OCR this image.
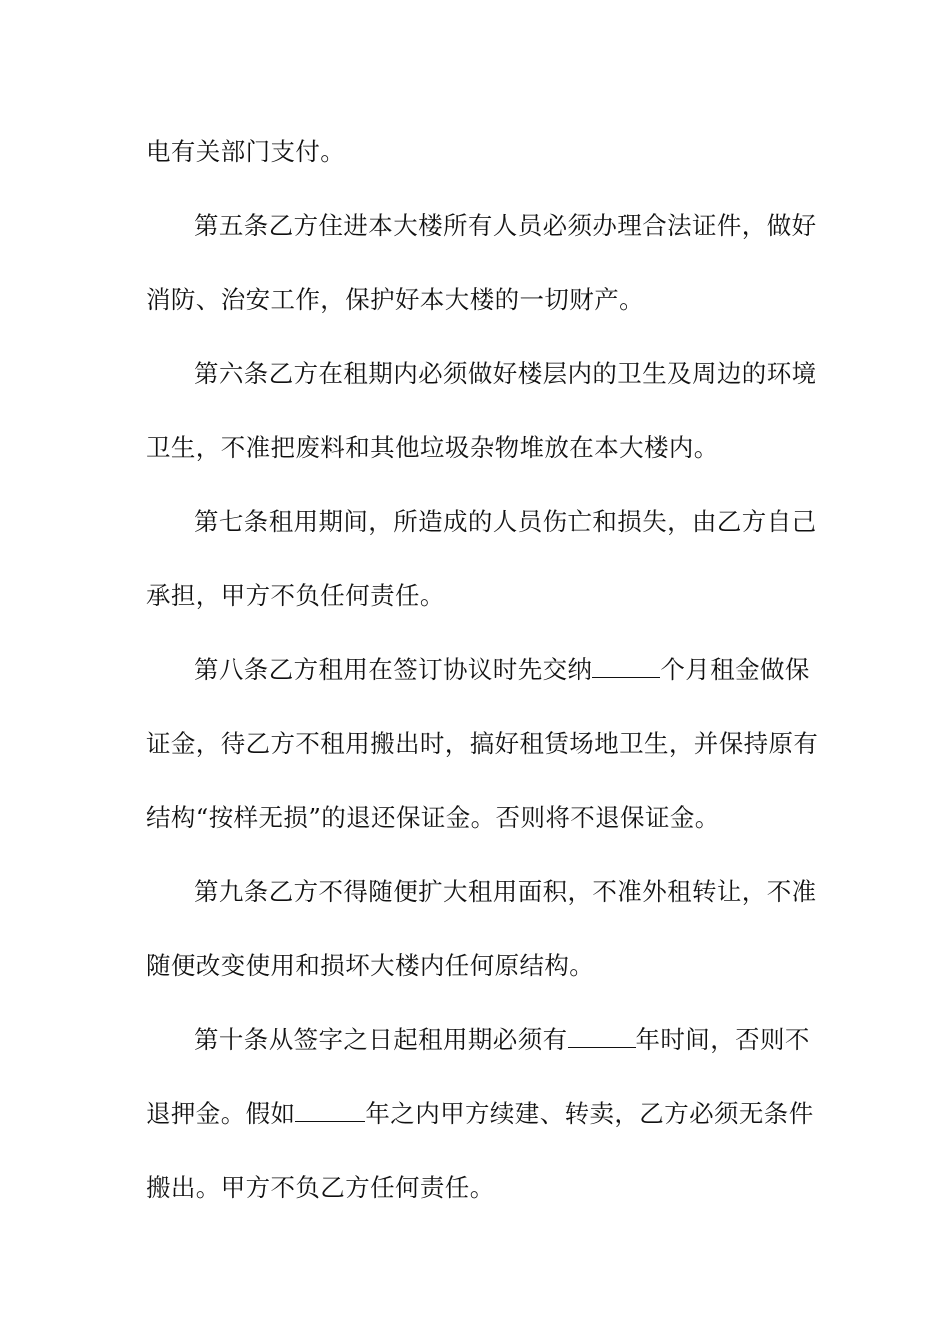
电有关部门支付。
第五条乙方住进本大楼所有人员必须办理合法证件，做好
消防、治安工作，保护好本大楼的一切财产。
第六条乙方在租期内必须做好楼层内的卫生及周边的环境
卫生，不准把废料和其他垃圾杂物堆放在本大楼内。
第七条租用期间，所造成的人员伤亡和损失，由乙方自己
承担，甲方不负任何责任。
第八条乙方租用在签订协议时先交纳	个月租金做保
证金，待乙方不租用搬出时，搞好租赁场地卫生，并保持原有
结构“按样无损”的退还保证金。否则将不退保证金。
第九条乙方不得随便扩大租用面积，不准外租转让，不准
随便改变使用和损坏大楼内任何原结构。
第十条从签字之日起租用期必须有	年时间，否则不
退押金。假如	年之内甲方续建、转卖，乙方必须无条件
搬出。甲方不负乙方任何责任。
